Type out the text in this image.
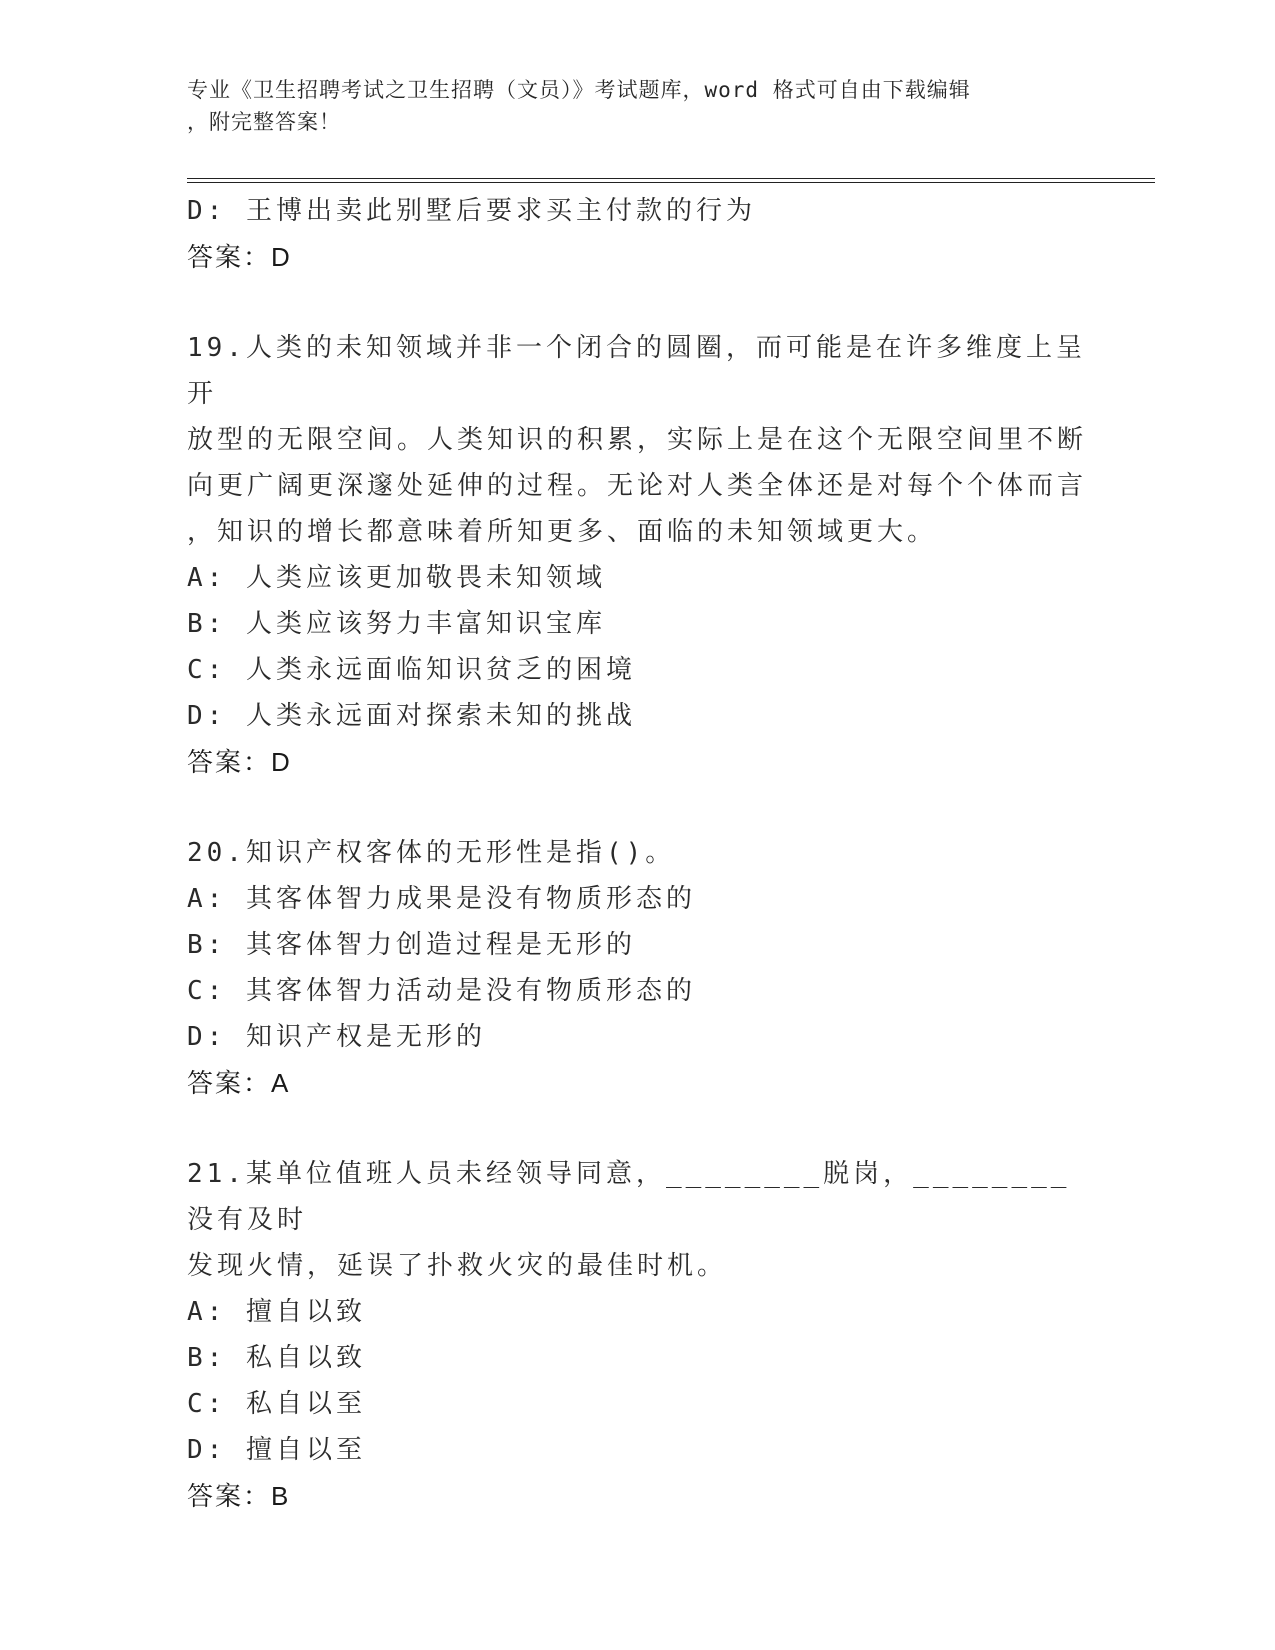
专业《卫生招聘考试之卫生招聘（文员）》考试题库，word 格式可自由下载编辑
，附完整答案！
D: 王博出卖此别墅后要求买主付款的行为
答案：D
19.人类的未知领域并非一个闭合的圆圈，而可能是在许多维度上呈开
放型的无限空间。人类知识的积累，实际上是在这个无限空间里不断
向更广阔更深邃处延伸的过程。无论对人类全体还是对每个个体而言
，知识的增长都意味着所知更多、面临的未知领域更大。
A: 人类应该更加敬畏未知领域
B: 人类应该努力丰富知识宝库
C: 人类永远面临知识贫乏的困境
D: 人类永远面对探索未知的挑战
答案：D
20.知识产权客体的无形性是指()。
A: 其客体智力成果是没有物质形态的
B: 其客体智力创造过程是无形的
C: 其客体智力活动是没有物质形态的
D: 知识产权是无形的
答案：A
21.某单位值班人员未经领导同意，________脱岗，________没有及时
发现火情，延误了扑救火灾的最佳时机。
A: 擅自以致
B: 私自以致
C: 私自以至
D: 擅自以至
答案：B
